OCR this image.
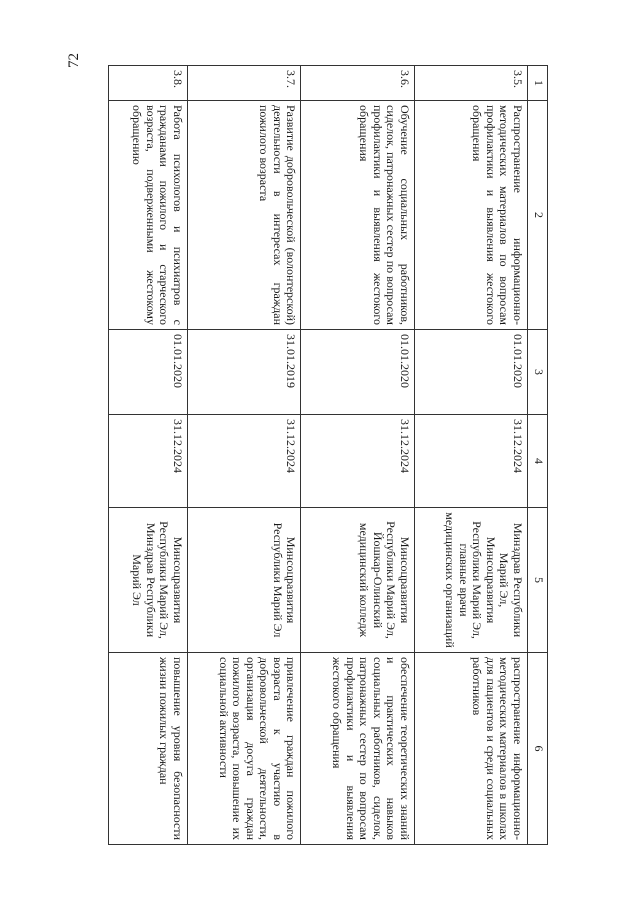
72
1	2	3	4	5	6
3.5.	Распространение информационно-методических материалов по вопросам профилактики и выявления жестокого обращения	01.01.2020	31.12.2024	Минздрав Республики Марий Эл, Минсоцразвития Республики Марий Эл, главные врачи медицинских организаций	распространение информационно-методических материалов в школах для пациентов и среди социальных работников
3.6.	Обучение социальных работников, сиделок, патронажных сестер по вопросам профилактики и выявления жестокого обращения	01.01.2020	31.12.2024	Минсоцразвития Республики Марий Эл, Йошкар-Олинский медицинский колледж	обеспечение теоретических знаний и практических навыков социальных работников, сиделок, патронажных сестер по вопросам профилактики и выявления жестокого обращения
3.7.	Развитие добровольческой (волонтерской) деятельности в интересах граждан пожилого возраста	31.01.2019	31.12.2024	Минсоцразвития Республики Марий Эл	привлечение граждан пожилого возраста к участию в добровольческой деятельности, организация досуга граждан пожилого возраста, повышение их социальной активности
3.8.	Работа психологов и психиатров с гражданами пожилого и старческого возраста, подверженными жестокому обращению	01.01.2020	31.12.2024	Минсоцразвития Республики Марий Эл, Минздрав Республики Марий Эл	повышение уровня безопасности жизни пожилых граждан
